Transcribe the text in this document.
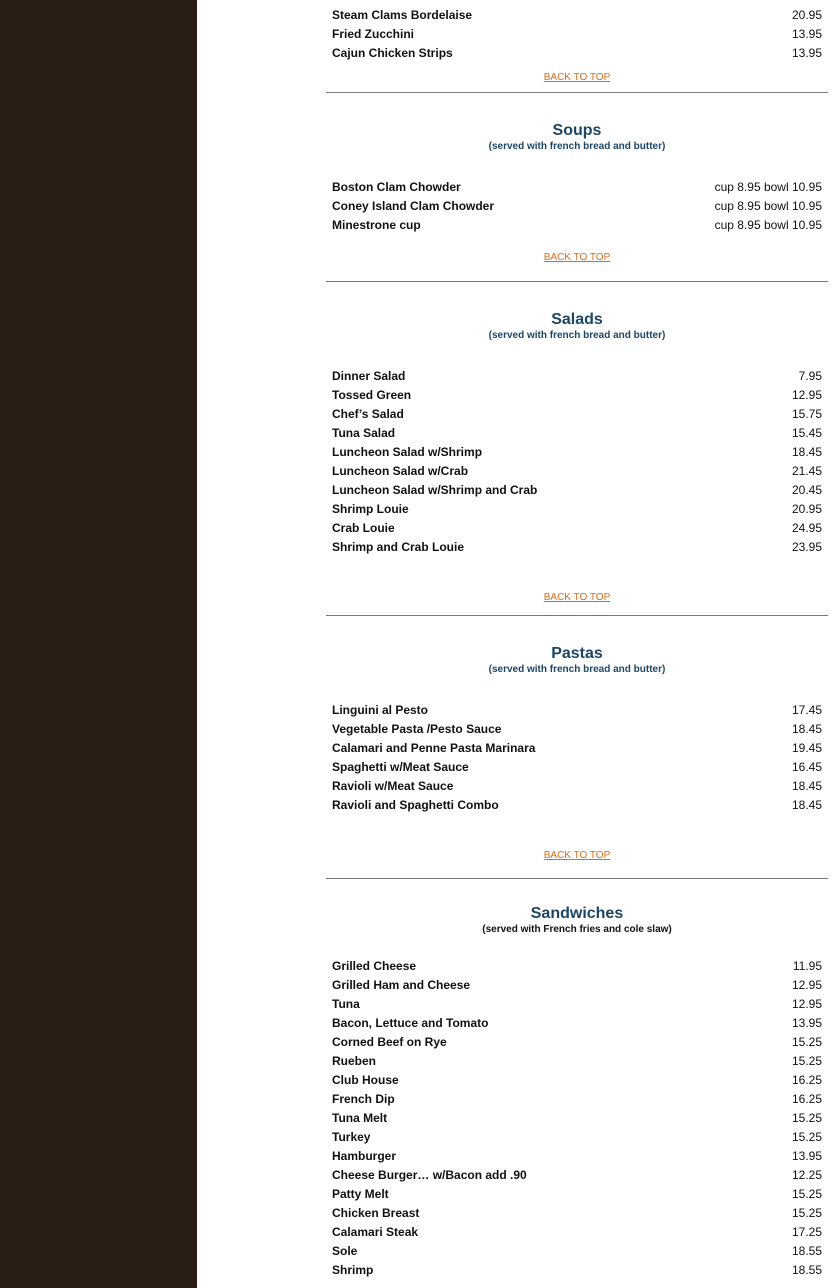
Steam Clams Bordelaise	20.95
Fried Zucchini	13.95
Cajun Chicken Strips	13.95
BACK TO TOP
Soups

(served with french bread and butter)

Boston Clam Chowder	cup 8.95 bowl 10.95
Coney Island Clam Chowder	cup 8.95 bowl 10.95
Minestrone cup	cup 8.95 bowl 10.95
BACK TO TOP
Salads

(served with french bread and butter)

Dinner Salad	7.95
Tossed Green	12.95
Chef’s Salad	15.75
Tuna Salad	15.45
Luncheon Salad w/Shrimp	18.45
Luncheon Salad w/Crab	21.45
Luncheon Salad w/Shrimp and Crab	20.45
Shrimp Louie	20.95
Crab Louie	24.95
Shrimp and Crab Louie	23.95
BACK TO TOP
Pastas

(served with french bread and butter)

Linguini al Pesto	17.45
Vegetable Pasta /Pesto Sauce	18.45
Calamari and Penne Pasta Marinara	19.45
Spaghetti w/Meat Sauce	16.45
Ravioli w/Meat Sauce	18.45
Ravioli and Spaghetti Combo	18.45
BACK TO TOP
Sandwiches

(served with French fries and cole slaw)

Grilled Cheese	11.95
Grilled Ham and Cheese	12.95
Tuna	12.95
Bacon, Lettuce and Tomato	13.95
Corned Beef on Rye	15.25
Rueben	15.25
Club House	16.25
French Dip	16.25
Tuna Melt	15.25
Turkey	15.25
Hamburger	13.95
Cheese Burger… w/Bacon add .90	12.25
Patty Melt	15.25
Chicken Breast	15.25
Calamari Steak	17.25
Sole	18.55
Shrimp	18.55
